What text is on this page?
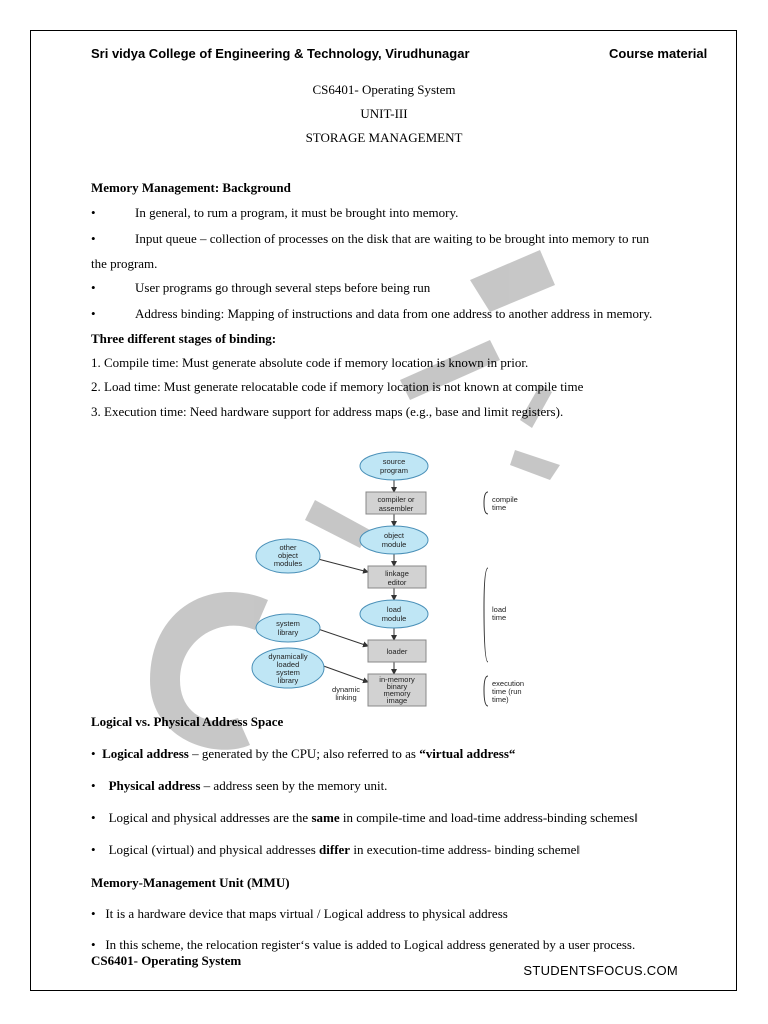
Sri vidya College of Engineering & Technology, Virudhunagar	Course material
CS6401- Operating System
UNIT-III
STORAGE MANAGEMENT
Memory Management: Background
•	In general, to rum a program, it must be brought into memory.
•	Input queue – collection of processes on the disk that are waiting to be brought into memory to run
the program.
•	User programs go through several steps before being run
•	Address binding: Mapping of instructions and data from one address to another address in memory.
Three different stages of binding:
1. Compile time: Must generate absolute code if memory location is known in prior.
2. Load time: Must generate relocatable code if memory location is not known at compile time
3. Execution time: Need hardware support for address maps (e.g., base and limit registers).
source
program
compiler or
assembler
object
module
other
object
modules
linkage
editor
load
module
system
library
loader
dynamically
loaded
system
library	in-memory
binary
memory
image
dynamic
linking
compile
time
load
time
execution
time (run
time)
Logical vs. Physical Address Space
•  Logical address – generated by the CPU; also referred to as “virtual address“
•    Physical address – address seen by the memory unit.
•    Logical and physical addresses are the same in compile-time and load-time address-binding schemes‖
•    Logical (virtual) and physical addresses differ in execution-time address- binding scheme‖
Memory-Management Unit (MMU)
•   It is a hardware device that maps virtual / Logical address to physical address
•   In this scheme, the relocation register‘s value is added to Logical address generated by a user process.
CS6401- Operating System
STUDENTSFOCUS.COM
